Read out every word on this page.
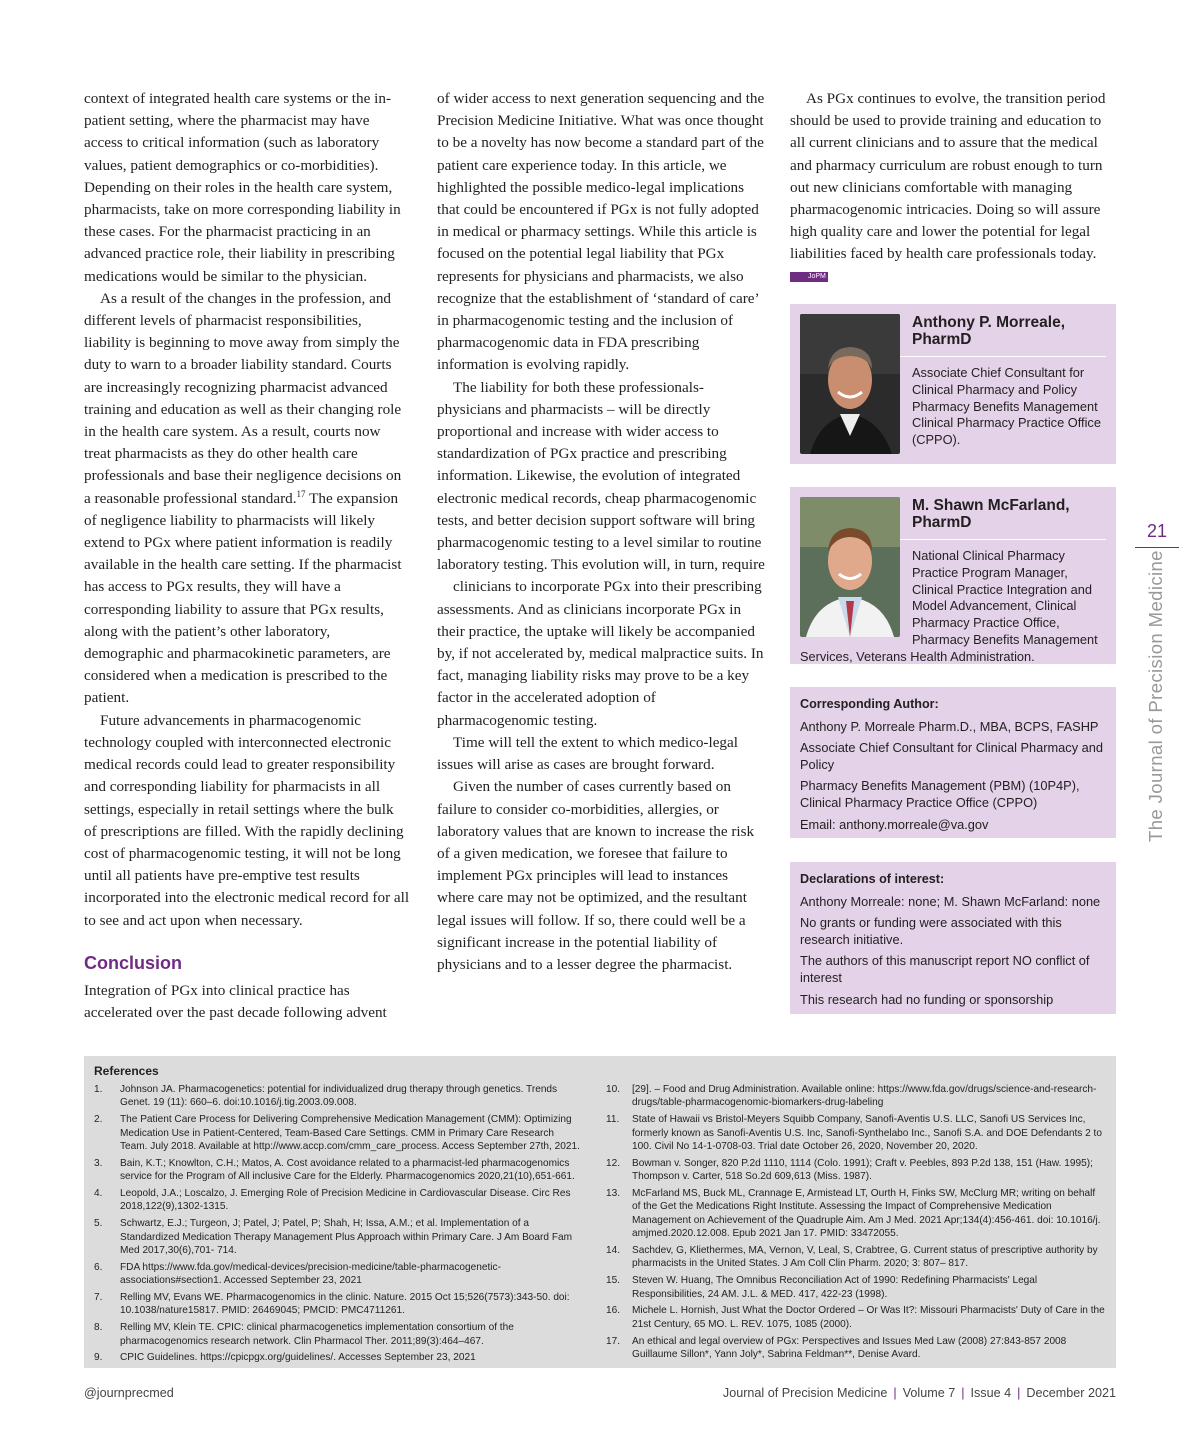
context of integrated health care systems or the in-patient setting, where the pharmacist may have access to critical information (such as laboratory values, patient demographics or co-morbidities). Depending on their roles in the health care system, pharmacists, take on more corresponding liability in these cases. For the pharmacist practicing in an advanced practice role, their liability in prescribing medications would be similar to the physician.

As a result of the changes in the profession, and different levels of pharmacist responsibilities, liability is beginning to move away from simply the duty to warn to a broader liability standard. Courts are increasingly recognizing pharmacist advanced training and education as well as their changing role in the health care system. As a result, courts now treat pharmacists as they do other health care professionals and base their negligence decisions on a reasonable professional standard.$^{17}$ The expansion of negligence liability to pharmacists will likely extend to PGx where patient information is readily available in the health care setting. If the pharmacist has access to PGx results, they will have a corresponding liability to assure that PGx results, along with the patient’s other laboratory, demographic and pharmacokinetic parameters, are considered when a medication is prescribed to the patient.

Future advancements in pharmacogenomic technology coupled with interconnected electronic medical records could lead to greater responsibility and corresponding liability for pharmacists in all settings, especially in retail settings where the bulk of prescriptions are filled. With the rapidly declining cost of pharmacogenomic testing, it will not be long until all patients have pre-emptive test results incorporated into the electronic medical record for all to see and act upon when necessary.

Conclusion

Integration of PGx into clinical practice has accelerated over the past decade following advent

of wider access to next generation sequencing and the Precision Medicine Initiative. What was once thought to be a novelty has now become a standard part of the patient care experience today. In this article, we highlighted the possible medico-legal implications that could be encountered if PGx is not fully adopted in medical or pharmacy settings. While this article is focused on the potential legal liability that PGx represents for physicians and pharmacists, we also recognize that the establishment of ‘standard of care’ in pharmacogenomic testing and the inclusion of pharmacogenomic data in FDA prescribing information is evolving rapidly.

The liability for both these professionals-physicians and pharmacists – will be directly proportional and increase with wider access to standardization of PGx practice and prescribing information. Likewise, the evolution of integrated electronic medical records, cheap pharmacogenomic tests, and better decision support software will bring pharmacogenomic testing to a level similar to routine laboratory testing. This evolution will, in turn, require

clinicians to incorporate PGx into their prescribing assessments. And as clinicians incorporate PGx in their practice, the uptake will likely be accompanied by, if not accelerated by, medical malpractice suits. In fact, managing liability risks may prove to be a key factor in the accelerated adoption of pharmacogenomic testing.

Time will tell the extent to which medico-legal issues will arise as cases are brought forward.

Given the number of cases currently based on failure to consider co-morbidities, allergies, or laboratory values that are known to increase the risk of a given medication, we foresee that failure to implement PGx principles will lead to instances where care may not be optimized, and the resultant legal issues will follow. If so, there could well be a significant increase in the potential liability of physicians and to a lesser degree the pharmacist.

As PGx continues to evolve, the transition period should be used to provide training and education to all current clinicians and to assure that the medical and pharmacy curriculum are robust enough to turn out new clinicians comfortable with managing pharmacogenomic intricacies. Doing so will assure high quality care and lower the potential for legal liabilities faced by health care professionals today. JoPM

Anthony P. Morreale, PharmD
Associate Chief Consultant for Clinical Pharmacy and Policy Pharmacy Benefits Management Clinical Pharmacy Practice Office (CPPO).
M. Shawn McFarland, PharmD
National Clinical Pharmacy Practice Program Manager, Clinical Practice Integration and Model Advancement, Clinical Pharmacy Practice Office, Pharmacy Benefits Management Services, Veterans Health Administration.
Corresponding Author:
Anthony P. Morreale Pharm.D., MBA, BCPS, FASHP
Associate Chief Consultant for Clinical Pharmacy and Policy
Pharmacy Benefits Management (PBM) (10P4P), Clinical Pharmacy Practice Office (CPPO)
Email: anthony.morreale@va.gov
Declarations of interest:
Anthony Morreale: none; M. Shawn McFarland: none
No grants or funding were associated with this research initiative.
The authors of this manuscript report NO conflict of interest
This research had no funding or sponsorship
21
The Journal of Precision Medicine
References
1.	Johnson JA. Pharmacogenetics: potential for individualized drug therapy through genetics. Trends Genet. 19 (11): 660–6. doi:10.1016/j.tig.2003.09.008.
2.	The Patient Care Process for Delivering Comprehensive Medication Management (CMM): Optimizing Medication Use in Patient-Centered, Team-Based Care Settings. CMM in Primary Care Research Team. July 2018. Available at http://www.accp.com/cmm_care_process. Access September 27th, 2021.
3.	Bain, K.T.; Knowlton, C.H.; Matos, A. Cost avoidance related to a pharmacist-led pharmacogenomics service for the Program of All inclusive Care for the Elderly. Pharmacogenomics 2020,21(10),651-661.
4.	Leopold, J.A.; Loscalzo, J. Emerging Role of Precision Medicine in Cardiovascular Disease. Circ Res 2018,122(9),1302-1315.
5.	Schwartz, E.J.; Turgeon, J; Patel, J; Patel, P; Shah, H; Issa, A.M.; et al. Implementation of a Standardized Medication Therapy Management Plus Approach within Primary Care. J Am Board Fam Med 2017,30(6),701- 714.
6.	FDA https://www.fda.gov/medical-devices/precision-medicine/table-pharmacogenetic-associations#section1. Accessed September 23, 2021
7.	Relling MV, Evans WE. Pharmacogenomics in the clinic. Nature. 2015 Oct 15;526(7573):343-50. doi: 10.1038/nature15817. PMID: 26469045; PMCID: PMC4711261.
8.	Relling MV, Klein TE. CPIC: clinical pharmacogenetics implementation consortium of the pharmacogenomics research network. Clin Pharmacol Ther. 2011;89(3):464–467.
9.	CPIC Guidelines. https://cpicpgx.org/guidelines/. Accesses September 23, 2021
10.	[29]. – Food and Drug Administration. Available online: https://www.fda.gov/drugs/science-and-research-drugs/table-pharmacogenomic-biomarkers-drug-labeling
11.	State of Hawaii vs Bristol-Meyers Squibb Company, Sanofi-Aventis U.S. LLC, Sanofi US Services Inc, formerly known as Sanofi-Aventis U.S. Inc, Sanofi-Synthelabo Inc., Sanofi S.A. and DOE Defendants 2 to 100. Civil No 14-1-0708-03. Trial date October 26, 2020, November 20, 2020.
12.	Bowman v. Songer, 820 P.2d 1110, 1114 (Colo. 1991); Craft v. Peebles, 893 P.2d 138, 151 (Haw. 1995); Thompson v. Carter, 518 So.2d 609,613 (Miss. 1987).
13.	McFarland MS, Buck ML, Crannage E, Armistead LT, Ourth H, Finks SW, McClurg MR; writing on behalf of the Get the Medications Right Institute. Assessing the Impact of Comprehensive Medication Management on Achievement of the Quadruple Aim. Am J Med. 2021 Apr;134(4):456-461. doi: 10.1016/j. amjmed.2020.12.008. Epub 2021 Jan 17. PMID: 33472055.
14.	Sachdev, G, Kliethermes, MA, Vernon, V, Leal, S, Crabtree, G. Current status of prescriptive authority by pharmacists in the United States. J Am Coll Clin Pharm. 2020; 3: 807– 817.
15.	Steven W. Huang, The Omnibus Reconciliation Act of 1990: Redefining Pharmacists' Legal Responsibilities, 24 AM. J.L. & MED. 417, 422-23 (1998).
16.	Michele L. Hornish, Just What the Doctor Ordered – Or Was It?: Missouri Pharmacists' Duty of Care in the 21st Century, 65 MO. L. REV. 1075, 1085 (2000).
17.	An ethical and legal overview of PGx: Perspectives and Issues Med Law (2008) 27:843-857 2008 Guillaume Sillon*, Yann Joly*, Sabrina Feldman**, Denise Avard.
@journprecmed	Journal of Precision Medicine | Volume 7 | Issue 4 | December 2021
